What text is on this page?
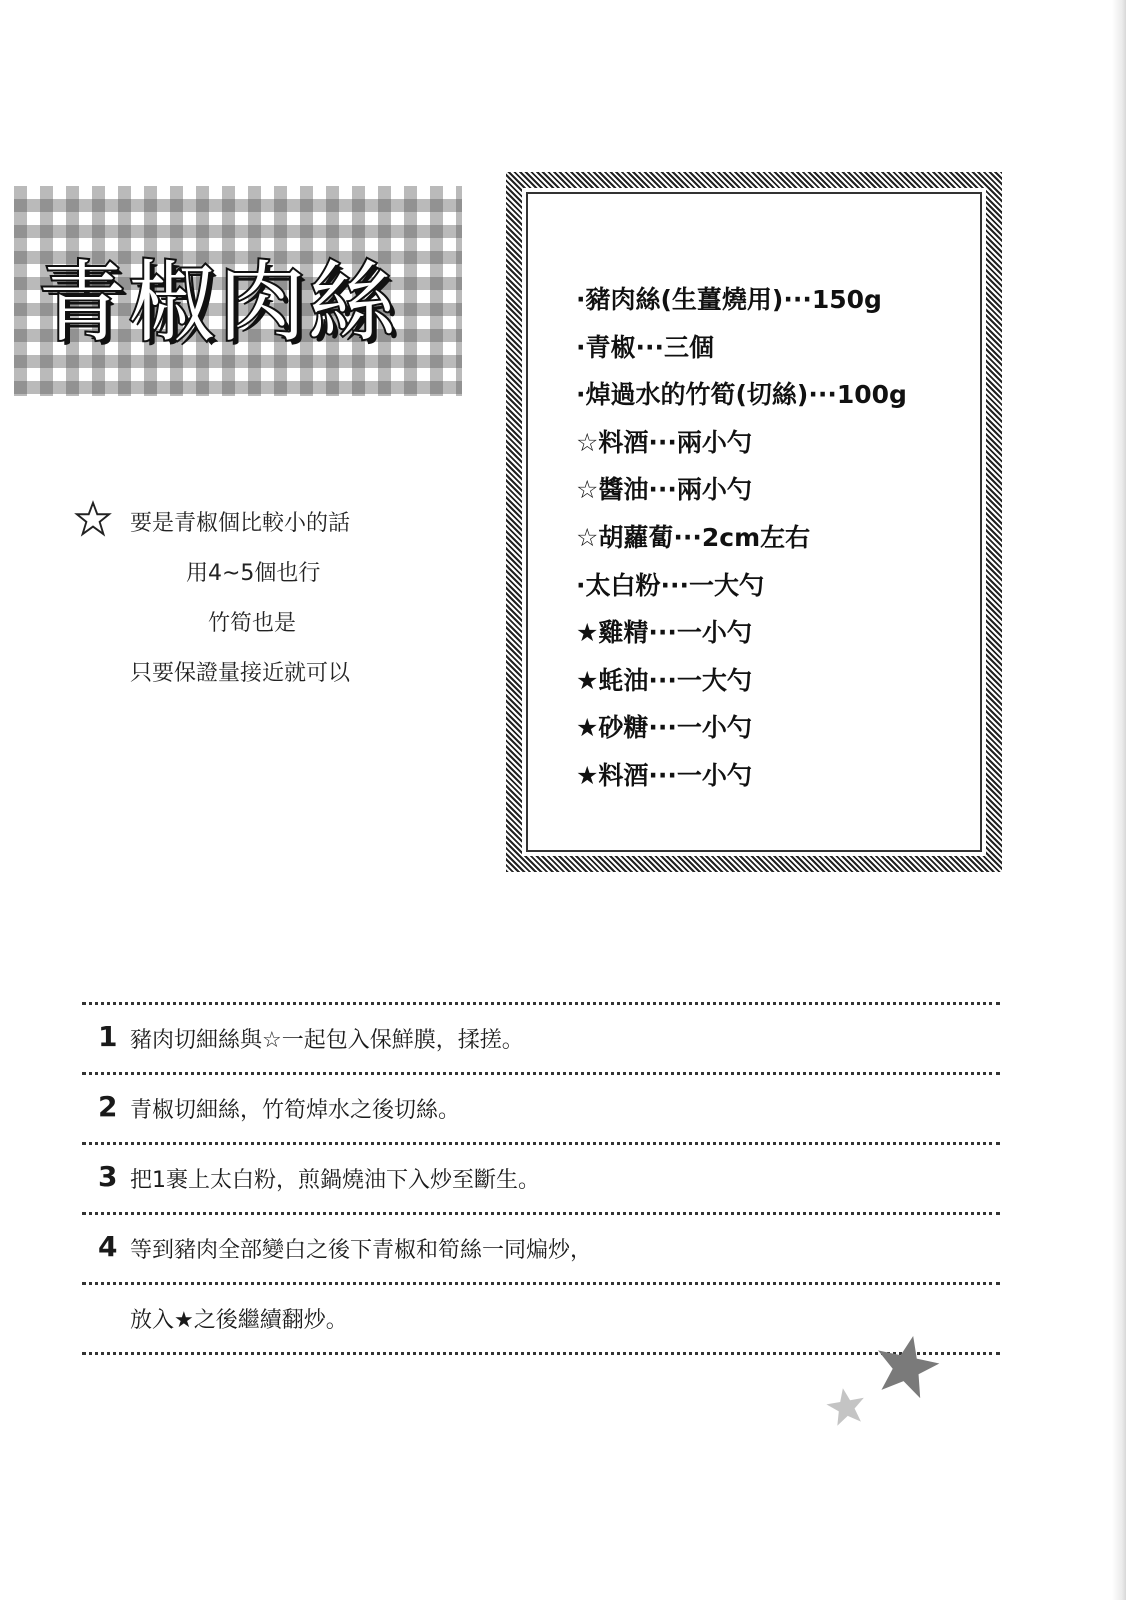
青椒肉絲
要是青椒個比較小的話
用4~5個也行
竹筍也是
只要保證量接近就可以
·豬肉絲(生薑燒用)···150g
·青椒···三個
·焯過水的竹筍(切絲)···100g
☆料酒···兩小勺
☆醬油···兩小勺
☆胡蘿蔔···2cm左右
·太白粉···一大勺
★雞精···一小勺
★蚝油···一大勺
★砂糖···一小勺
★料酒···一小勺
1 豬肉切細絲與☆一起包入保鮮膜，揉搓。
2 青椒切細絲，竹筍焯水之後切絲。
3 把1裹上太白粉，煎鍋燒油下入炒至斷生。
4 等到豬肉全部變白之後下青椒和筍絲一同煸炒，
放入★之後繼續翻炒。
